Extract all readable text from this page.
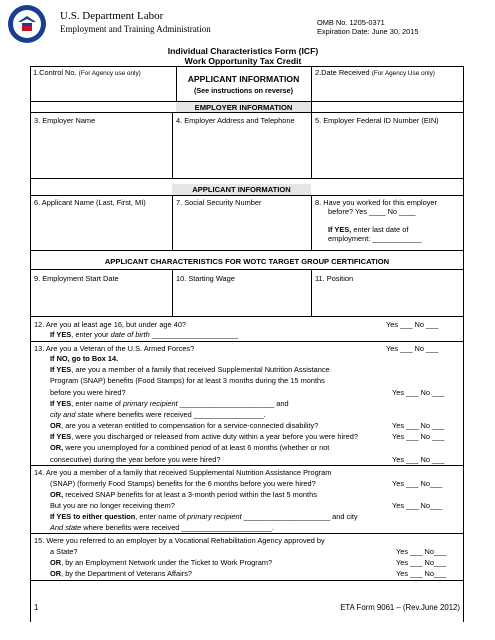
U.S. Department Labor
Employment and Training Administration
OMB No. 1205-0371
Expiration Date: June 30, 2015
Individual Characteristics Form (ICF)
Work Opportunity Tax Credit
1.Control No. (For Agency use only)	2.Date Received (For Agency Use only)
APPLICANT INFORMATION
(See instructions on reverse)
EMPLOYER INFORMATION
3. Employer Name	4. Employer Address and Telephone	5. Employer Federal ID Number (EIN)
APPLICANT INFORMATION
6. Applicant Name (Last, First, MI)	7. Social Security Number	8. Have you worked for this employer
before? Yes ____ No ____
If YES, enter last date of
employment: ____________
APPLICANT CHARACTERISTICS FOR WOTC TARGET GROUP CERTIFICATION
9. Employment Start Date	10. Starting Wage	11. Position
12. Are you at least age 16, but under age 40?	Yes ___ No ___
If YES, enter your date of birth _____________________
13. Are you a Veteran of the U.S. Armed Forces?	Yes ___ No ___
If NO, go to Box 14.
If YES, are you a member of a family that received Supplemental Nutrition Assistance
Program (SNAP) benefits (Food Stamps) for at least 3 months during the 15 months
before you were hired?	Yes ___ No ___
If YES, enter name of primary recipient _______________________ and
city and state where benefits were received _________________.
OR, are you a veteran entitled to compensation for a service-connected disability?	Yes ___ No ___
If YES, were you discharged or released from active duty within a year before you were hired?	Yes ___ No ___
OR, were you unemployed for a combined period of at least 6 months (whether or not
consecutive) during the year before you were hired?	Yes ___ No ___
14. Are you a member of a family that received Supplemental Nutrition Assistance Program
(SNAP) (formerly Food Stamps) benefits for the 6 months before you were hired?	Yes ___ No___
OR, received SNAP benefits for at least a 3-month period within the last 5 months
But you are no longer receiving them?	Yes ___ No___
If YES to either question, enter name of primary recipient _____________________ and city
And state where benefits were received ______________________.
15. Were you referred to an employer by a Vocational Rehabilitation Agency approved by
a State?	Yes ___ No___
OR, by an Employment Network under the Ticket to Work Program?	Yes ___ No___
OR, by the Department of Veterans Affairs?	Yes ___ No___
1	ETA Form 9061 – (Rev.June 2012)
